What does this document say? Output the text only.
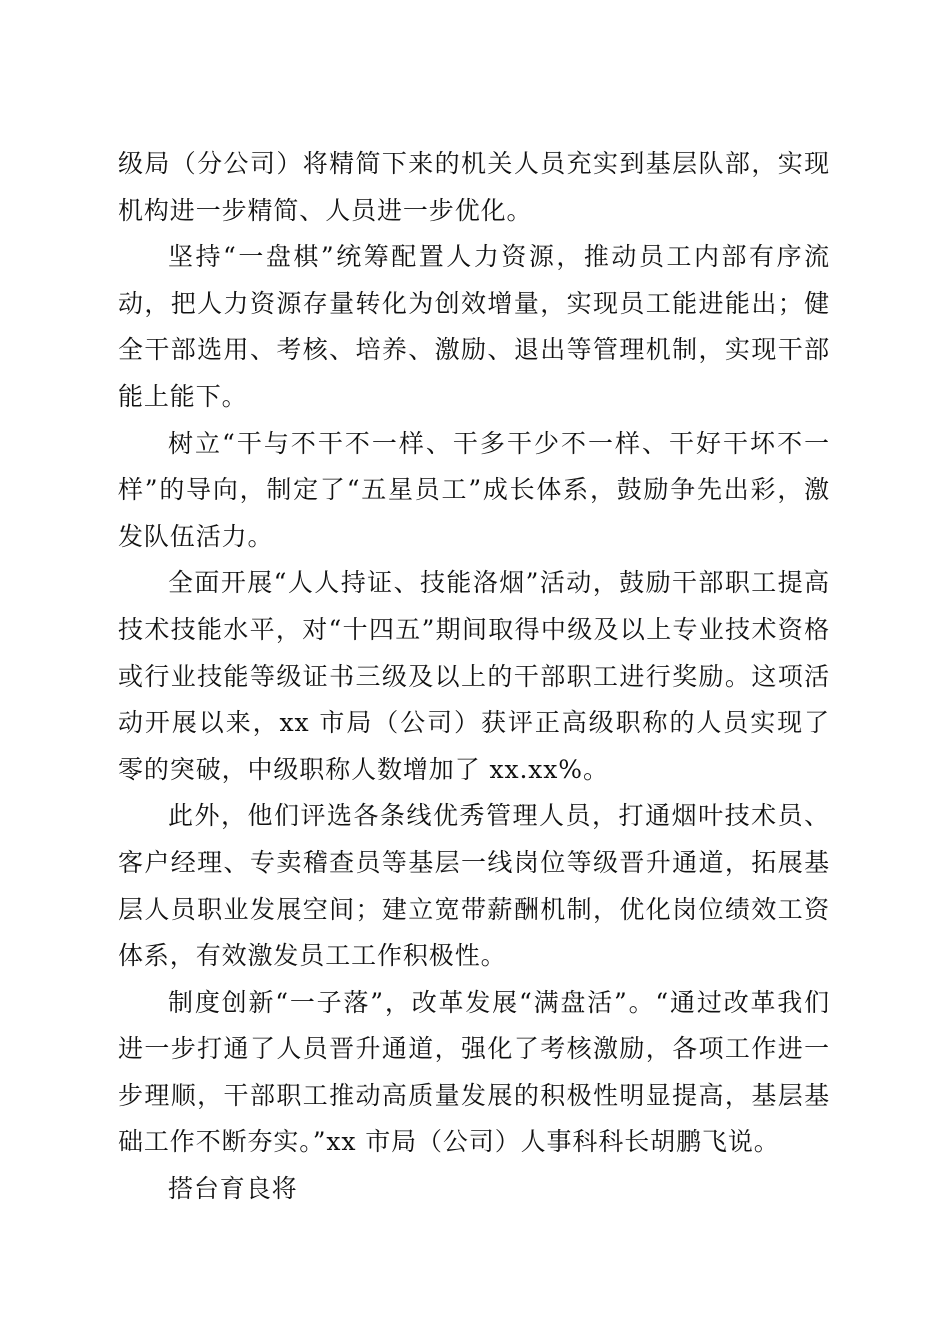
级局（分公司）将精简下来的机关人员充实到基层队部，实现机构进一步精简、人员进一步优化。

坚持“一盘棋”统筹配置人力资源，推动员工内部有序流动，把人力资源存量转化为创效增量，实现员工能进能出；健全干部选用、考核、培养、激励、退出等管理机制，实现干部能上能下。

树立“干与不干不一样、干多干少不一样、干好干坏不一样”的导向，制定了“五星员工”成长体系，鼓励争先出彩，激发队伍活力。

全面开展“人人持证、技能洛烟”活动，鼓励干部职工提高技术技能水平，对“十四五”期间取得中级及以上专业技术资格或行业技能等级证书三级及以上的干部职工进行奖励。这项活动开展以来，xx 市局（公司）获评正高级职称的人员实现了零的突破，中级职称人数增加了 xx.xx%。

此外，他们评选各条线优秀管理人员，打通烟叶技术员、客户经理、专卖稽查员等基层一线岗位等级晋升通道，拓展基层人员职业发展空间；建立宽带薪酬机制，优化岗位绩效工资体系，有效激发员工工作积极性。

制度创新“一子落”，改革发展“满盘活”。“通过改革我们进一步打通了人员晋升通道，强化了考核激励，各项工作进一步理顺，干部职工推动高质量发展的积极性明显提高，基层基础工作不断夯实。”xx 市局（公司）人事科科长胡鹏飞说。

搭台育良将
